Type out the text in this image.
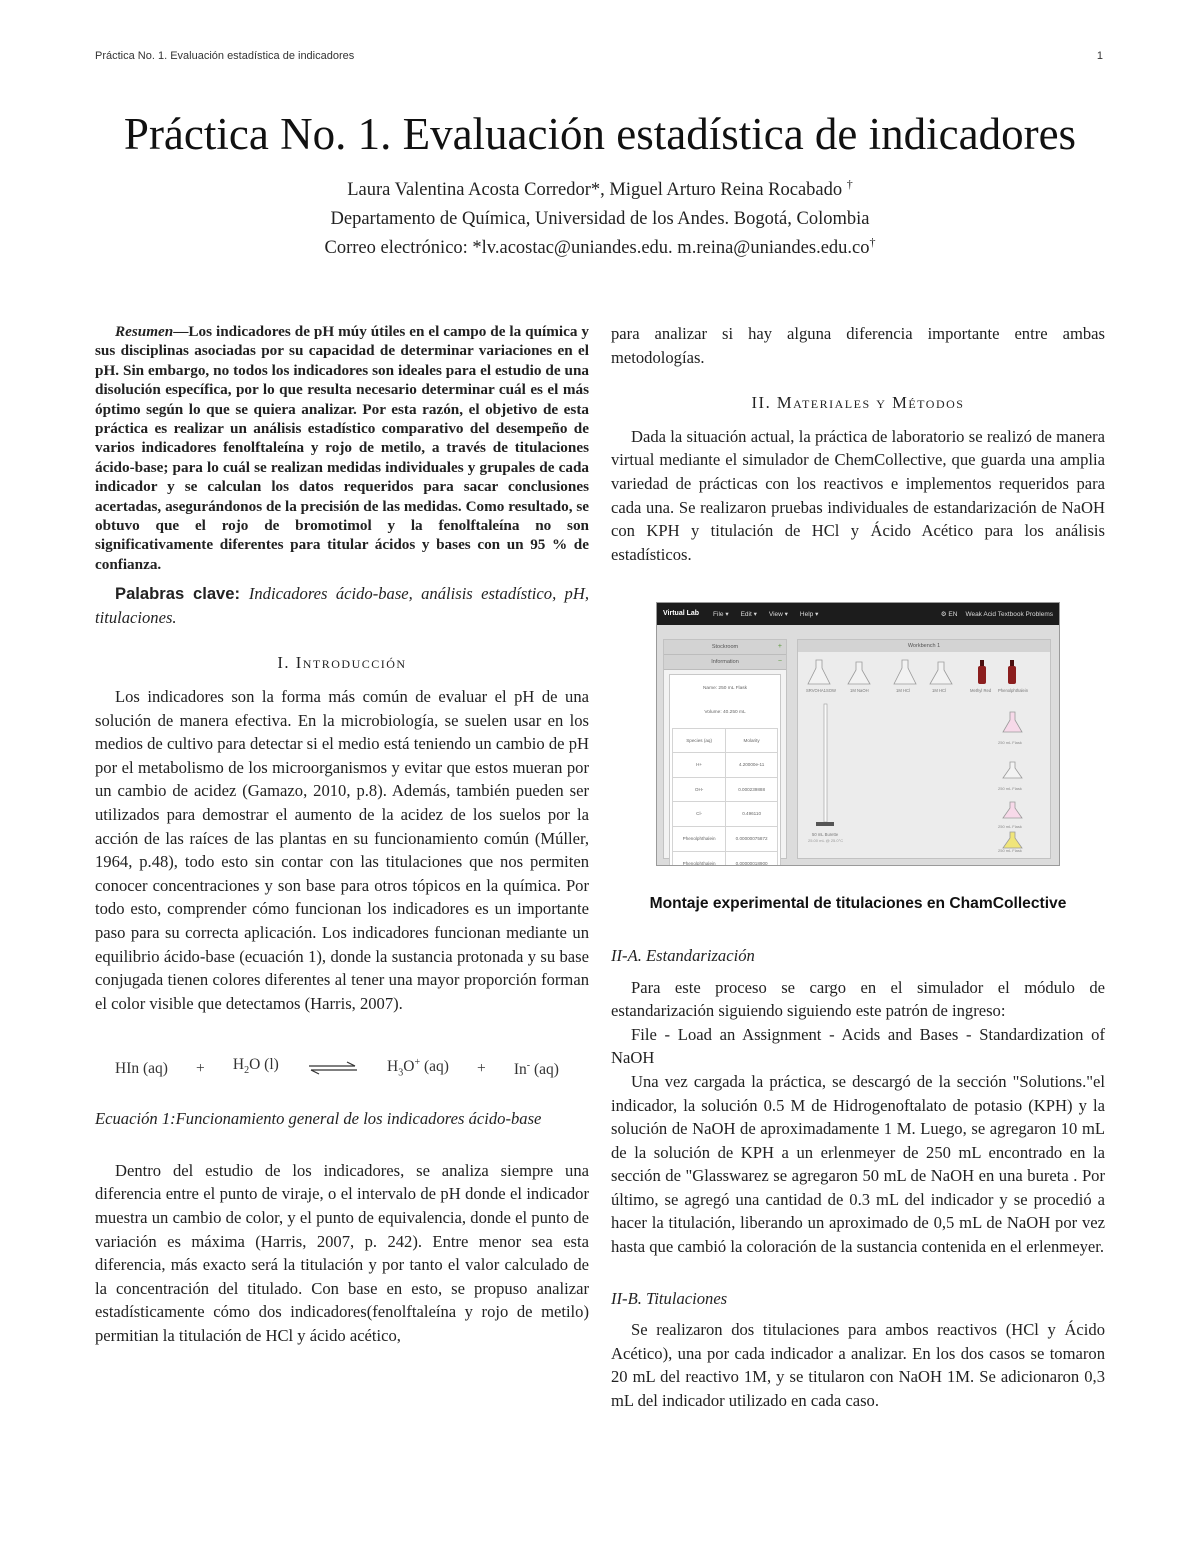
Práctica No. 1. Evaluación estadística de indicadores	1
Práctica No. 1. Evaluación estadística de indicadores
Laura Valentina Acosta Corredor*, Miguel Arturo Reina Rocabado †
Departamento de Química, Universidad de los Andes. Bogotá, Colombia
Correo electrónico: *lv.acostac@uniandes.edu. m.reina@uniandes.edu.co†

Resumen—Los indicadores de pH múy útiles en el campo de la química y sus disciplinas asociadas por su capacidad de determinar variaciones en el pH. Sin embargo, no todos los indicadores son ideales para el estudio de una disolución específica, por lo que resulta necesario determinar cuál es el más óptimo según lo que se quiera analizar. Por esta razón, el objetivo de esta práctica es realizar un análisis estadístico comparativo del desempeño de varios indicadores fenolftaleína y rojo de metilo, a través de titulaciones ácido-base; para lo cuál se realizan medidas individuales y grupales de cada indicador y se calculan los datos requeridos para sacar conclusiones acertadas, asegurándonos de la precisión de las medidas. Como resultado, se obtuvo que el rojo de bromotimol y la fenolftaleína no son significativamente diferentes para titular ácidos y bases con un 95 % de confianza.

Palabras clave: Indicadores ácido-base, análisis estadístico, pH, titulaciones.

I. Introducción

Los indicadores son la forma más común de evaluar el pH de una solución de manera efectiva. En la microbiología, se suelen usar en los medios de cultivo para detectar si el medio está teniendo un cambio de pH por el metabolismo de los microorganismos y evitar que estos mueran por un cambio de acidez (Gamazo, 2010, p.8). Además, también pueden ser utilizados para demostrar el aumento de la acidez de los suelos por la acción de las raíces de las plantas en su funcionamiento común (Múller, 1964, p.48), todo esto sin contar con las titulaciones que nos permiten conocer concentraciones y son base para otros tópicos en la química. Por todo esto, comprender cómo funcionan los indicadores es un importante paso para su correcta aplicación. Los indicadores funcionan mediante un equilibrio ácido-base (ecuación 1), donde la sustancia protonada y su base conjugada tienen colores diferentes al tener una mayor proporción forman el color visible que detectamos (Harris, 2007).

HIn $(aq) + H_2O$ (l)	$H_3O^+$ (aq) + In- (aq)

Ecuación 1:Funcionamiento general de los indicadores ácido-base

Dentro del estudio de los indicadores, se analiza siempre una diferencia entre el punto de viraje, o el intervalo de pH donde el indicador muestra un cambio de color, y el punto de equivalencia, donde el punto de variación es máxima (Harris, 2007, p. 242). Entre menor sea esta diferencia, más exacto será la titulación y por tanto el valor calculado de la concentración del titulado. Con base en esto, se propuso analizar estadísticamente cómo dos indicadores(fenolftaleína y rojo de metilo) permitian la titulación de HCl y ácido acético,

para analizar si hay alguna diferencia importante entre ambas metodologías.

II. Materiales y Métodos

Dada la situación actual, la práctica de laboratorio se realizó de manera virtual mediante el simulador de ChemCollective, que guarda una amplia variedad de prácticas con los reactivos e implementos requeridos para cada una. Se realizaron pruebas individuales de estandarización de NaOH con KPH y titulación de HCl y Ácido Acético para los análisis estadísticos.

Virtual Lab File ▾ Edit ▾ View ▾ Help ▾	⚙ EN Weak Acid Textbook Problems
Stockroom	+
Information	−
Name: 250 mL Flask
Volume: 40.250 mL
Species (aq)	Molarity
H+	4.20000e-11
OH-	0.000239888
Cl-	0.496110
Phenolphthalein	0.00000075872
Phenolphthalein	0.00000018900

Workbench 1
SRVOHA1SOW	1M NaOH	1M HCl	1M HCl	Methyl Red Phenolphthalein
50 mL Burette
25.00 mL @ 25.0°C
250 mL Flask
250 mL Flask
250 mL Flask
250 mL Flask
Montaje experimental de titulaciones en ChamCollective
II-A. Estandarización

Para este proceso se cargo en el simulador el módulo de estandarización siguiendo siguiendo este patrón de ingreso:

File - Load an Assignment - Acids and Bases - Standardization of NaOH

Una vez cargada la práctica, se descargó de la sección "Solutions."el indicador, la solución 0.5 M de Hidrogenoftalato de potasio (KPH) y la solución de NaOH de aproximadamente 1 M. Luego, se agregaron 10 mL de la solución de KPH a un erlenmeyer de 250 mL encontrado en la sección de "Glasswarez se agregaron 50 mL de NaOH en una bureta . Por último, se agregó una cantidad de 0.3 mL del indicador y se procedió a hacer la titulación, liberando un aproximado de 0,5 mL de NaOH por vez hasta que cambió la coloración de la sustancia contenida en el erlenmeyer.

II-B. Titulaciones

Se realizaron dos titulaciones para ambos reactivos (HCl y Ácido Acético), una por cada indicador a analizar. En los dos casos se tomaron 20 mL del reactivo 1M, y se titularon con NaOH 1M. Se adicionaron 0,3 mL del indicador utilizado en cada caso.
